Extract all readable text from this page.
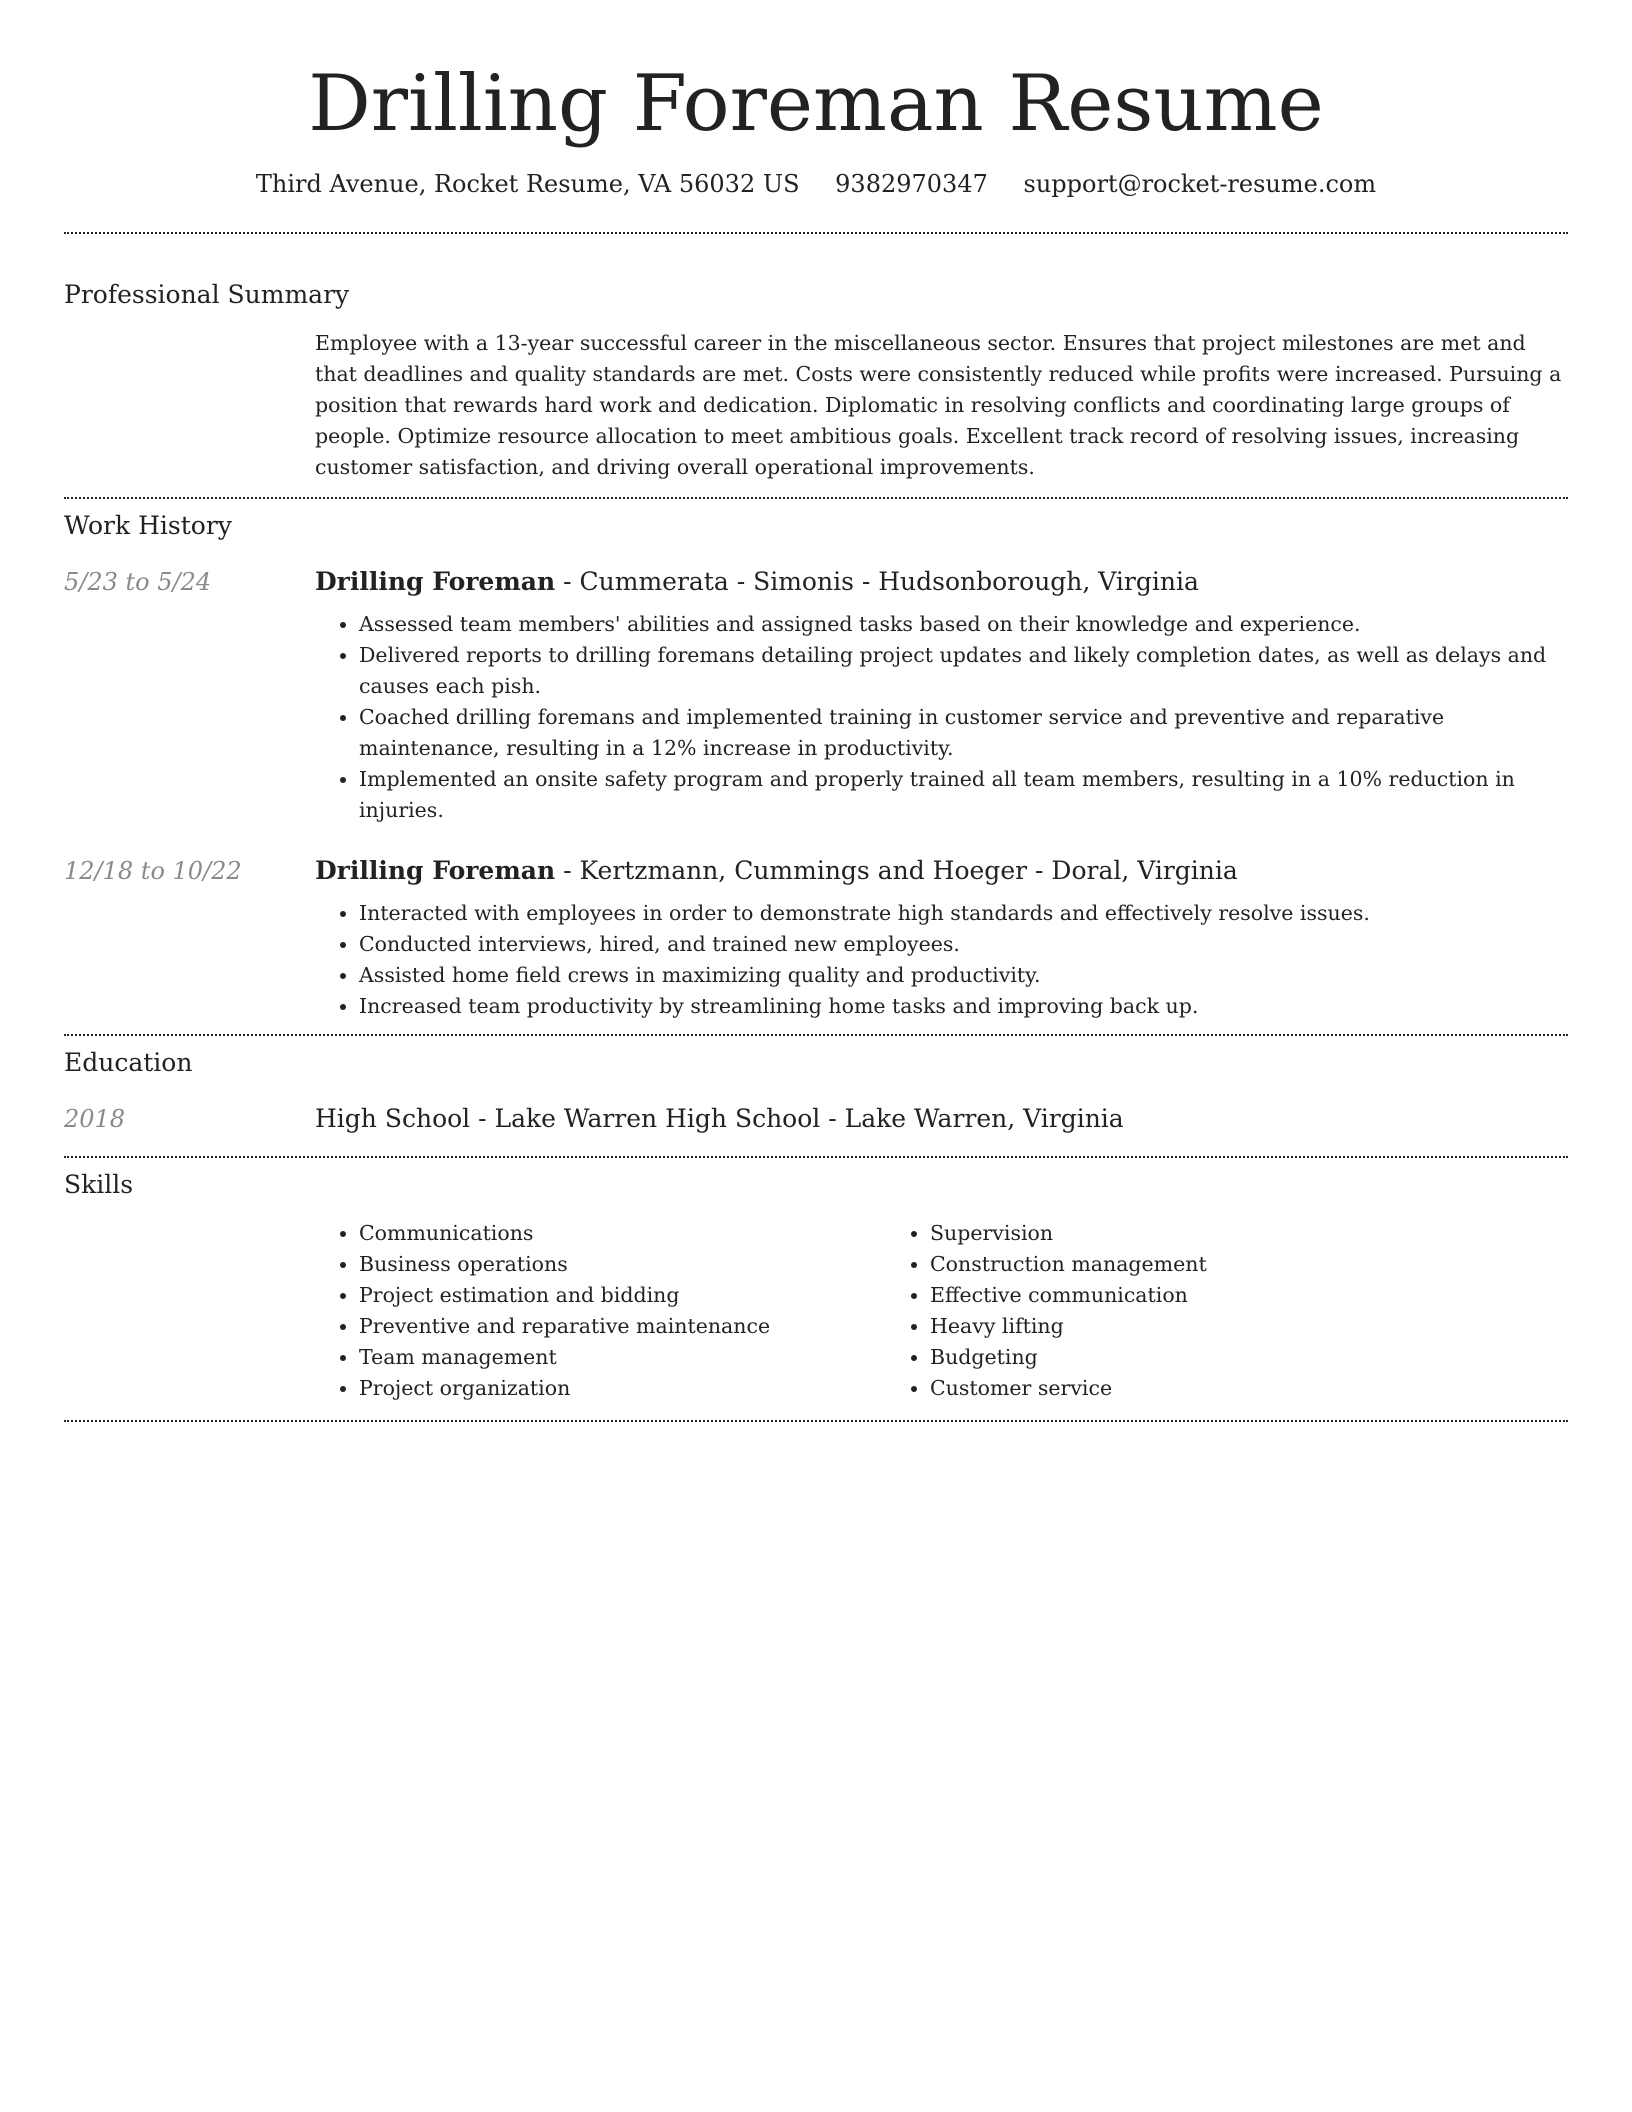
Drilling Foreman Resume
Third Avenue, Rocket Resume, VA 56032 US 9382970347 support@rocket-resume.com
Professional Summary

Employee with a 13-year successful career in the miscellaneous sector. Ensures that project milestones are met and that deadlines and quality standards are met. Costs were consistently reduced while profits were increased. Pursuing a position that rewards hard work and dedication. Diplomatic in resolving conflicts and coordinating large groups of people. Optimize resource allocation to meet ambitious goals. Excellent track record of resolving issues, increasing customer satisfaction, and driving overall operational improvements.

Work History
5/23 to 5/24	Drilling Foreman - Cummerata - Simonis - Hudsonborough, Virginia
• Assessed team members' abilities and assigned tasks based on their knowledge and experience.
• Delivered reports to drilling foremans detailing project updates and likely completion dates, as well as delays and causes each pish.
• Coached drilling foremans and implemented training in customer service and preventive and reparative maintenance, resulting in a 12% increase in productivity.
• Implemented an onsite safety program and properly trained all team members, resulting in a 10% reduction in injuries.
12/18 to 10/22	Drilling Foreman - Kertzmann, Cummings and Hoeger - Doral, Virginia
• Interacted with employees in order to demonstrate high standards and effectively resolve issues.
• Conducted interviews, hired, and trained new employees.
• Assisted home field crews in maximizing quality and productivity.
• Increased team productivity by streamlining home tasks and improving back up.
Education
2018	High School - Lake Warren High School - Lake Warren, Virginia
Skills
• Communications
• Business operations
• Project estimation and bidding
• Preventive and reparative maintenance
• Team management
• Project organization
• Supervision
• Construction management
• Effective communication
• Heavy lifting
• Budgeting
• Customer service
